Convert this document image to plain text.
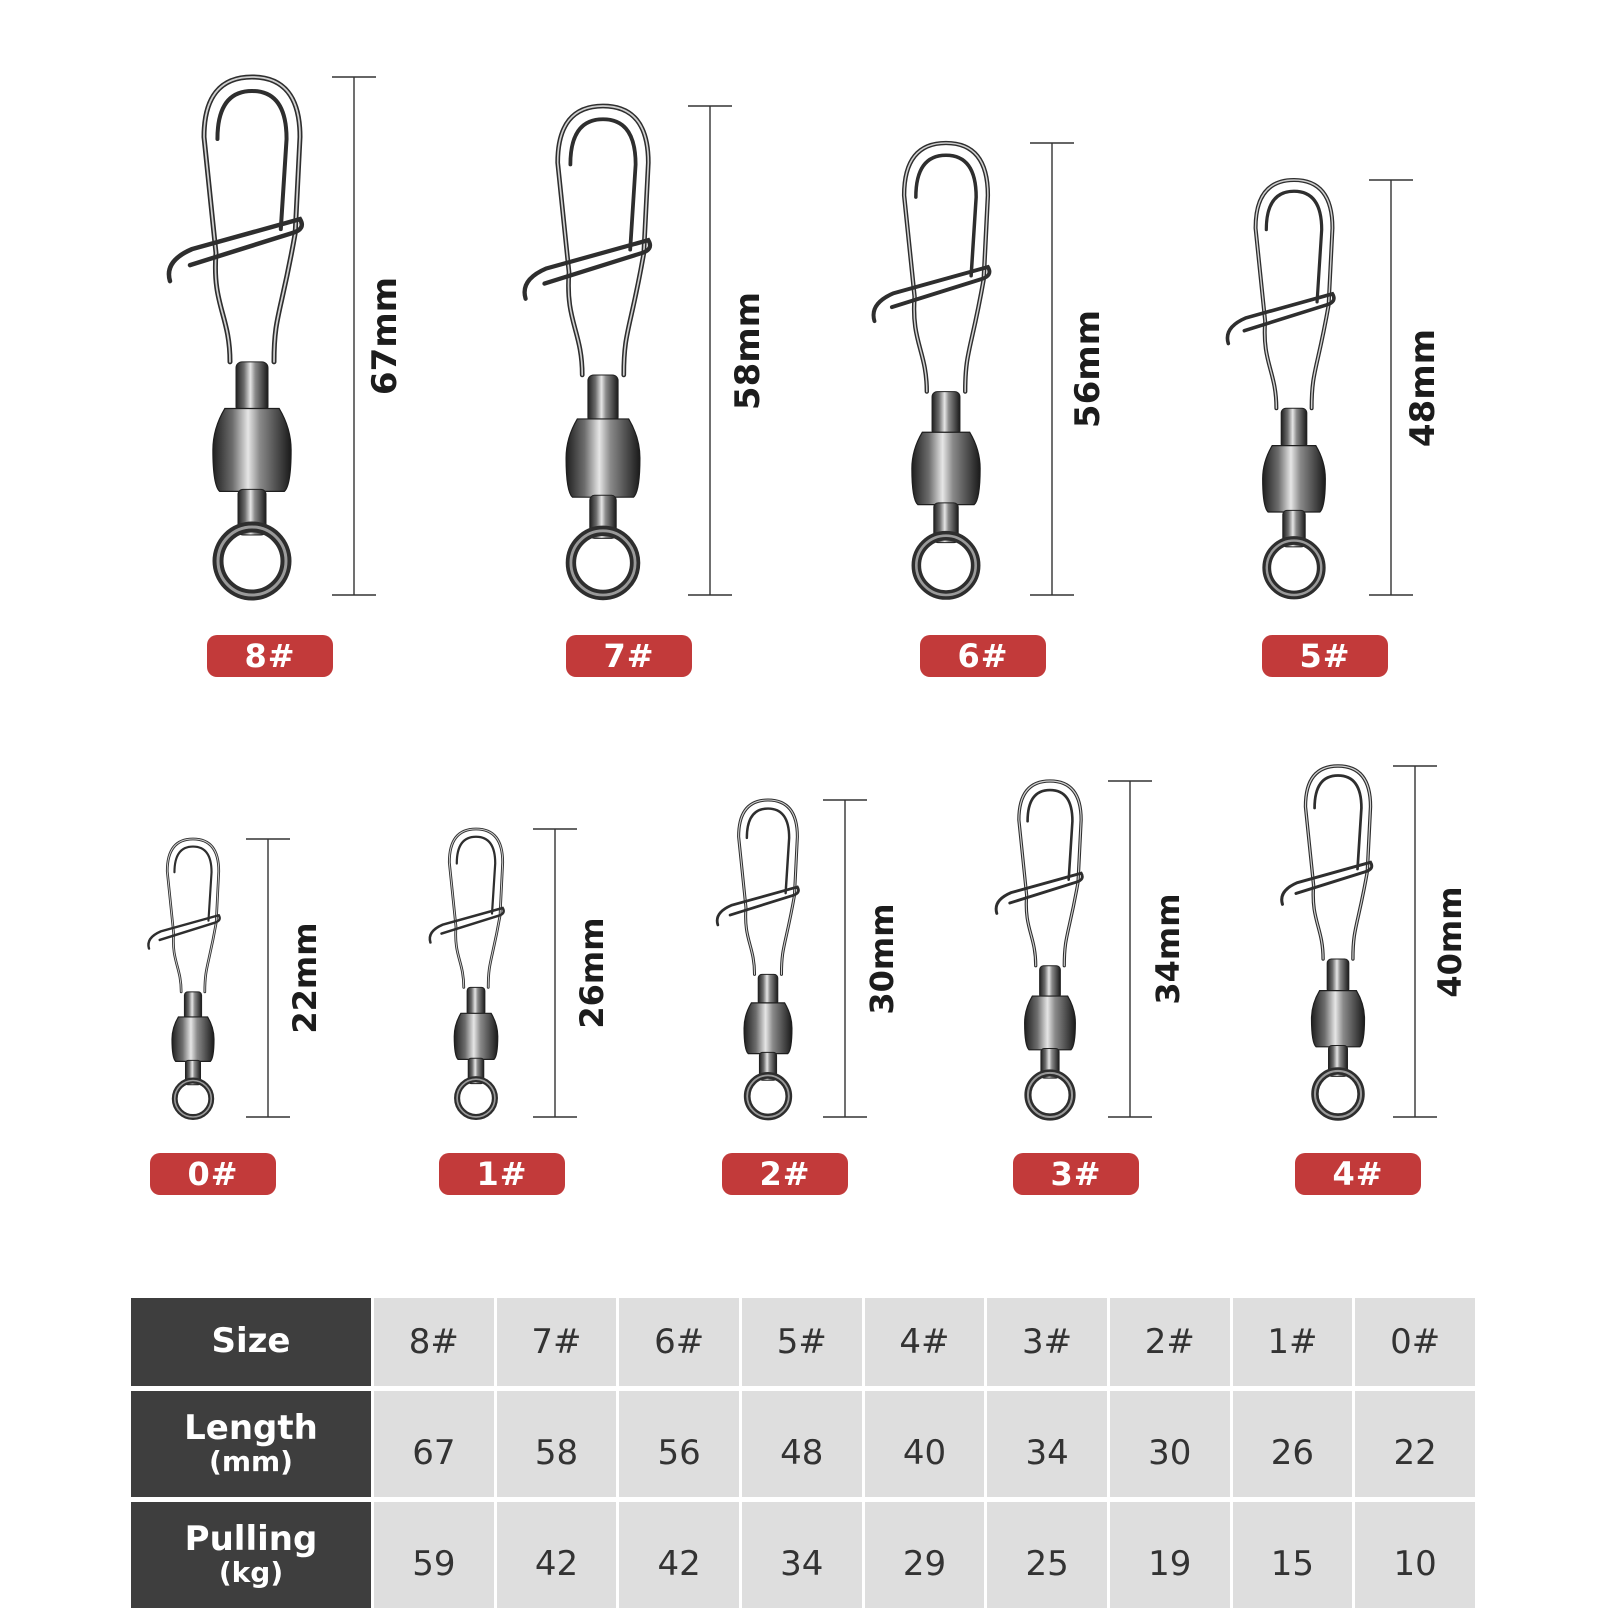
67mm
8#
58mm
7#
56mm
6#
48mm
5#
22mm
0#
26mm
1#
30mm
2#
34mm
3#
40mm
4#
Size	8#	7#	6#	5#	4#	3#	2#	1#	0#
Length
(mm)	67	58	56	48	40	34	30	26	22
Pulling
(kg)	59	42	42	34	29	25	19	15	10
